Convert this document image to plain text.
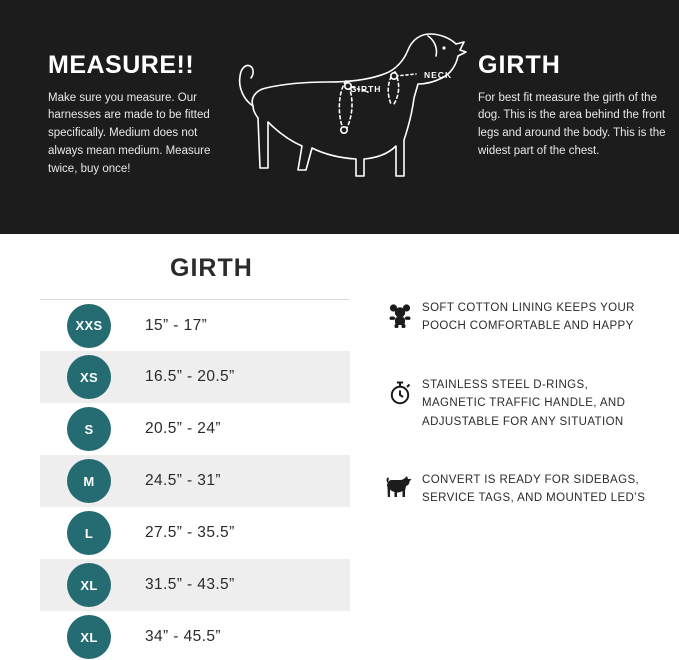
MEASURE!!
Make sure you measure. Our harnesses are made to be fitted specifically. Medium does not always mean medium. Measure twice, buy once!
GIRTH
NECK GIRTH
For best fit measure the girth of the dog. This is the area behind the front legs and around the body. This is the widest part of the chest.
GIRTH
XXS	15” - 17”
XS	16.5” - 20.5”
S	20.5” - 24”
M	24.5” - 31”
L	27.5” - 35.5”
XL	31.5” - 43.5”
XL	34” - 45.5”
SOFT COTTON LINING KEEPS YOUR POOCH COMFORTABLE AND HAPPY
STAINLESS STEEL D-RINGS, MAGNETIC TRAFFIC HANDLE, AND ADJUSTABLE FOR ANY SITUATION
CONVERT IS READY FOR SIDEBAGS, SERVICE TAGS, AND MOUNTED LED’S
